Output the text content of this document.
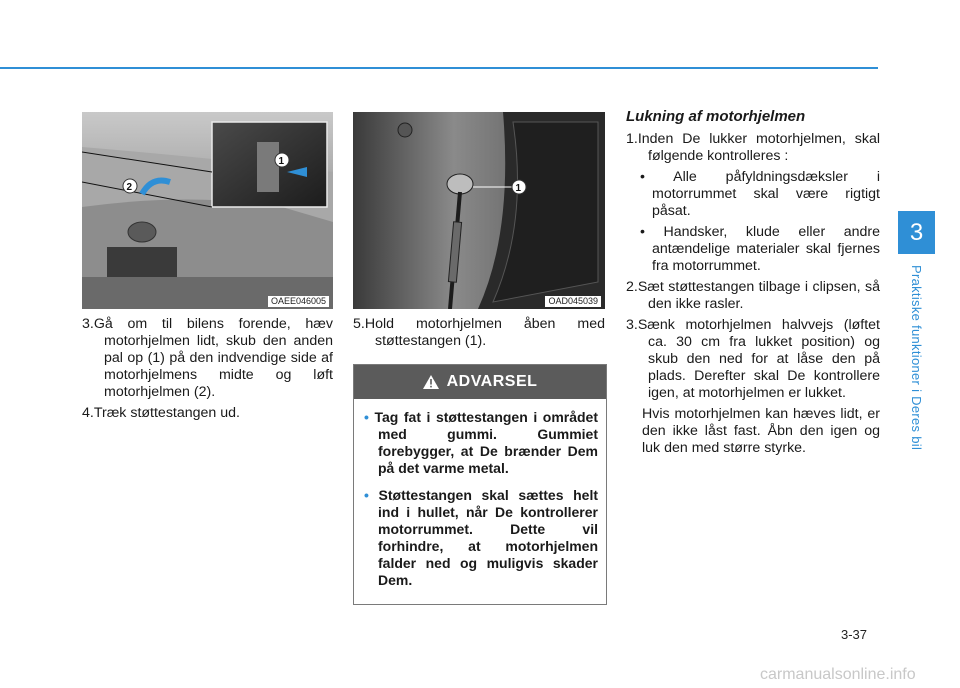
1
2
OAEE046005
1
OAD045039

3.Gå om til bilens forende, hæv motorhjelmen lidt, skub den anden pal op (1) på den indvendige side af motorhjelmens midte og løft motorhjelmen (2).

4.Træk støttestangen ud.

5.Hold motorhjelmen åben med støttestangen (1).

ADVARSEL

• Tag fat i støttestangen i området med gummi. Gummiet forebygger, at De brænder Dem på det varme metal.

• Støttestangen skal sættes helt ind i hullet, når De kontrollerer motorrummet. Dette vil forhindre, at motorhjelmen falder ned og muligvis skader Dem.

Lukning af motorhjelmen

1.Inden De lukker motorhjelmen, skal følgende kontrolleres :

• Alle påfyldningsdæksler i motorrummet skal være rigtigt påsat.

• Handsker, klude eller andre antændelige materialer skal fjernes fra motorrummet.

2.Sæt støttestangen tilbage i clipsen, så den ikke rasler.

3.Sænk motorhjelmen halvvejs (løftet ca. 30 cm fra lukket position) og skub den ned for at låse den på plads. Derefter skal De kontrollere igen, at motorhjelmen er lukket.

Hvis motorhjelmen kan hæves lidt, er den ikke låst fast. Åbn den igen og luk den med større styrke.

3
Praktiske funktioner i Deres bil
3-37
carmanualsonline.info
